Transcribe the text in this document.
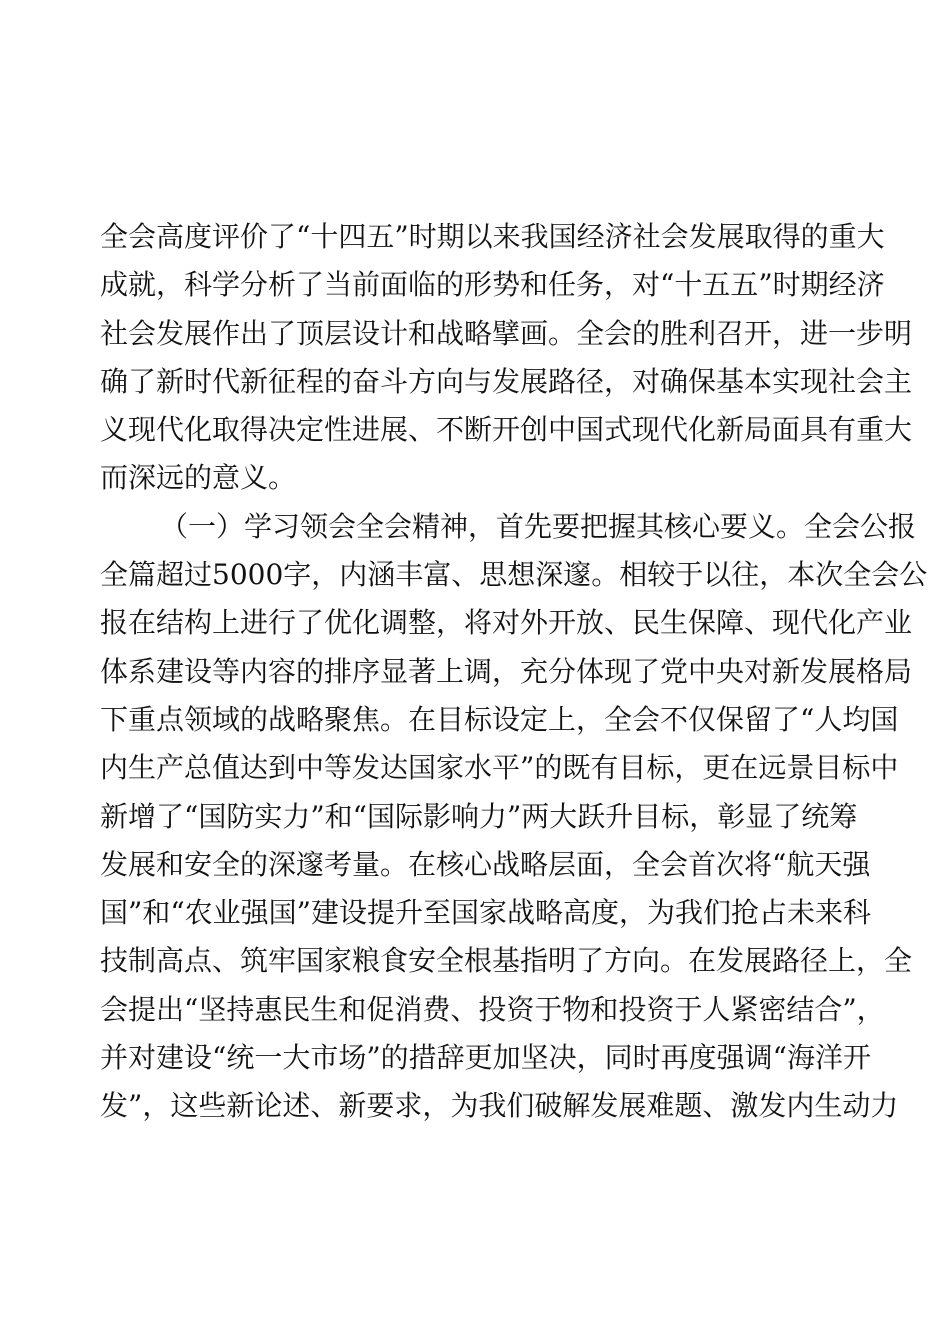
全会高度评价了“十四五”时期以来我国经济社会发展取得的重大
成就，科学分析了当前面临的形势和任务，对“十五五”时期经济
社会发展作出了顶层设计和战略擘画。全会的胜利召开，进一步明
确了新时代新征程的奋斗方向与发展路径，对确保基本实现社会主
义现代化取得决定性进展、不断开创中国式现代化新局面具有重大
而深远的意义。
（一）学习领会全会精神，首先要把握其核心要义。全会公报
全篇超过5000字，内涵丰富、思想深邃。相较于以往，本次全会公
报在结构上进行了优化调整，将对外开放、民生保障、现代化产业
体系建设等内容的排序显著上调，充分体现了党中央对新发展格局
下重点领域的战略聚焦。在目标设定上，全会不仅保留了“人均国
内生产总值达到中等发达国家水平”的既有目标，更在远景目标中
新增了“国防实力”和“国际影响力”两大跃升目标，彰显了统筹
发展和安全的深邃考量。在核心战略层面，全会首次将“航天强
国”和“农业强国”建设提升至国家战略高度，为我们抢占未来科
技制高点、筑牢国家粮食安全根基指明了方向。在发展路径上，全
会提出“坚持惠民生和促消费、投资于物和投资于人紧密结合”，
并对建设“统一大市场”的措辞更加坚决，同时再度强调“海洋开
发”，这些新论述、新要求，为我们破解发展难题、激发内生动力
